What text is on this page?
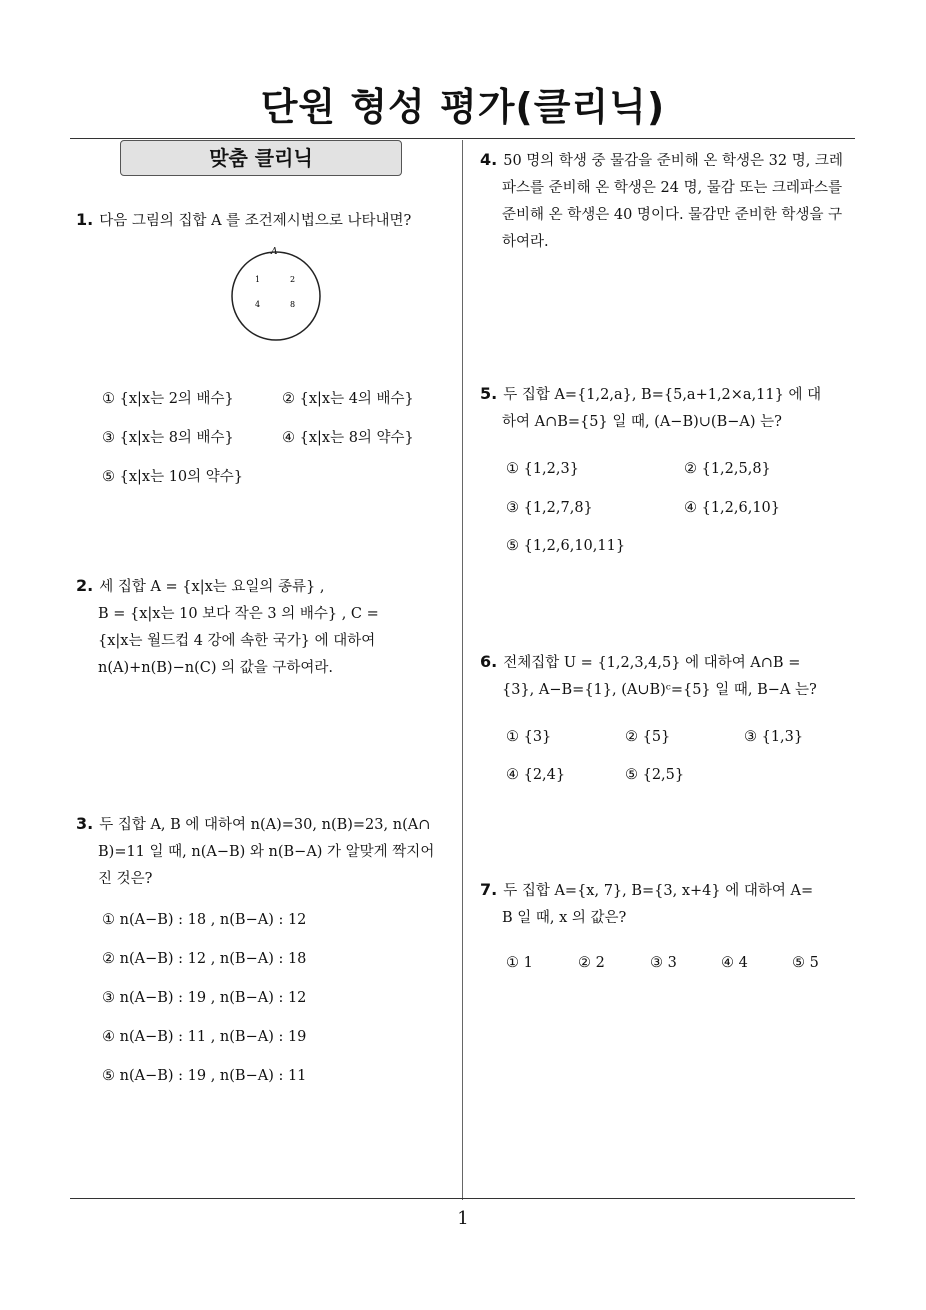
단원 형성 평가(클리닉)
맞춤 클리닉
1. 다음 그림의 집합 A 를 조건제시법으로 나타내면?
A
1	2
4	8
① {x|x는 2의 배수}	② {x|x는 4의 배수}
③ {x|x는 8의 배수}	④ {x|x는 8의 약수}
⑤ {x|x는 10의 약수}
2. 세 집합 A = {x|x는 요일의 종류} ,
B = {x|x는 10 보다 작은 3 의 배수} , C =
{x|x는 월드컵 4 강에 속한 국가} 에 대하여
n(A)+n(B)−n(C) 의 값을 구하여라.
3. 두 집합 A, B 에 대하여 n(A)=30, n(B)=23, n(A∩
B)=11 일 때, n(A−B) 와 n(B−A) 가 알맞게 짝지어
진 것은?
① n(A−B) : 18 , n(B−A) : 12
② n(A−B) : 12 , n(B−A) : 18
③ n(A−B) : 19 , n(B−A) : 12
④ n(A−B) : 11 , n(B−A) : 19
⑤ n(A−B) : 19 , n(B−A) : 11
4. 50 명의 학생 중 물감을 준비해 온 학생은 32 명, 크레
파스를 준비해 온 학생은 24 명, 물감 또는 크레파스를
준비해 온 학생은 40 명이다. 물감만 준비한 학생을 구
하여라.
5. 두 집합 A={1,2,a}, B={5,a+1,2×a,11} 에 대
하여 A∩B={5} 일 때, (A−B)∪(B−A) 는?
① {1,2,3}	② {1,2,5,8}
③ {1,2,7,8}	④ {1,2,6,10}
⑤ {1,2,6,10,11}
6. 전체집합 U = {1,2,3,4,5} 에 대하여 A∩B =
{3}, A−B={1}, (A∪B)ᶜ={5} 일 때, B−A 는?
① {3}	② {5}	③ {1,3}
④ {2,4}	⑤ {2,5}
7. 두 집합 A={x, 7}, B={3, x+4} 에 대하여 A=
B 일 때, x 의 값은?
① 1	② 2	③ 3	④ 4	⑤ 5
1
